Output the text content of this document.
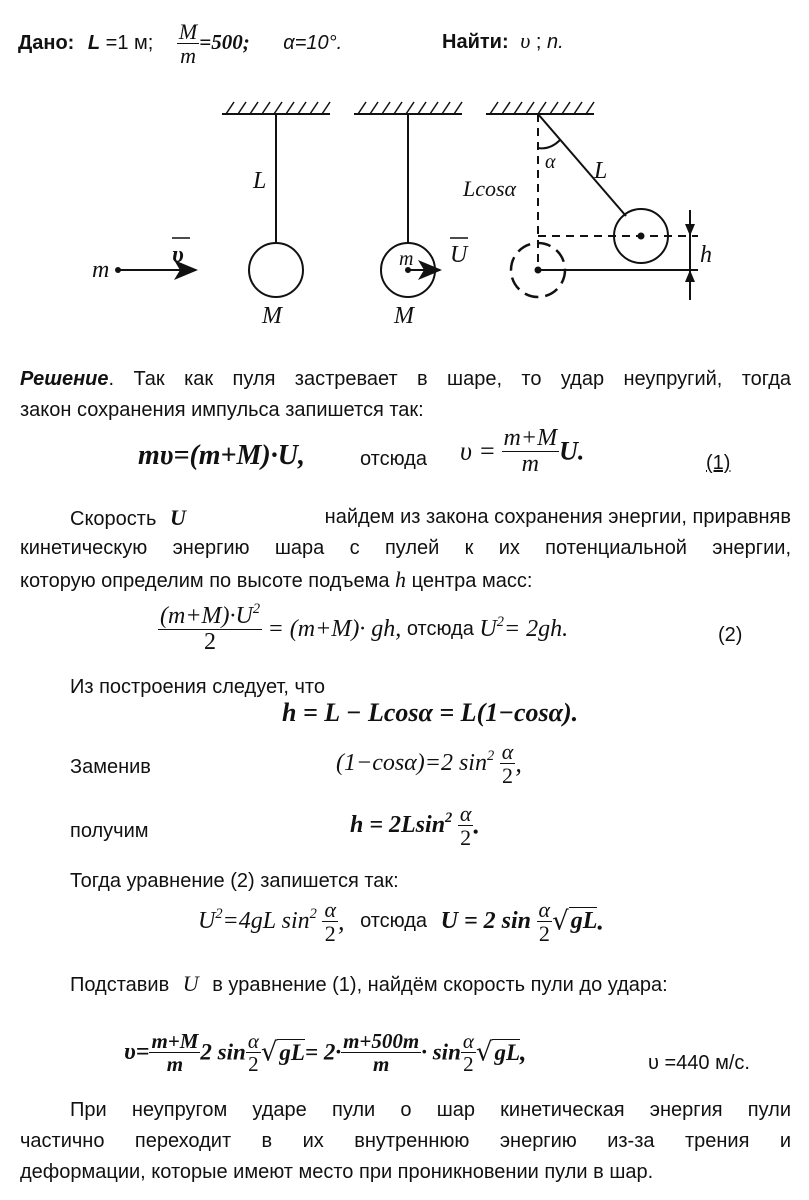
Дано: L =1 м; $\frac{M}{m} =500$; α=10°.	Найти: υ ; n.
L
M
m
υ	m U
M
Lcosα
α L
h
Решение. Так как пуля застревает в шаре, то удар неупругий, тогда
закон сохранения импульса запишется так:
mυ=(m+M)·U,	отсюда $\upsilon = \frac{m+M}{m} U$.	(1)
Скорость U	найдем из закона сохранения энергии, приравняв
кинетическую энергию шара с пулей к их потенциальной энергии,
которую определим по высоте подъема h центра масс:
$\frac{(m+M)\cdot U^2}{2} = (m+M)\cdot$ gh, отсюда $U^2= 2gh$.	(2)
Из построения следует, что
h = L − Lcosα = L(1−cosα).
Заменив	(1−cosα)=2 $\sin^2 \frac{\alpha}{2}$ ,
получим	$h = 2Lsin^2 \frac{\alpha}{2}$ .
Тогда уравнение (2) запишется так:
$U^2=4gL$ $\sin^2 \frac{\alpha}{2}$ , отсюда U = 2 $\sin \frac{\alpha}{2} √gL$.
Подставив U в уравнение (1), найдём скорость пули до удара:
$\upsilon= \frac{m+M}{m} 2$ $\sin \frac{\alpha}{2} √gL= 2\cdot \frac{m+500m}{m} \cdot \sin \frac{\alpha}{2} √gL$,	υ =440 м/с.
При неупругом ударе пули о шар кинетическая энергия пули
частично переходит в их внутреннюю энергию из-за трения и
деформации, которые имеют место при проникновении пули в шар.
